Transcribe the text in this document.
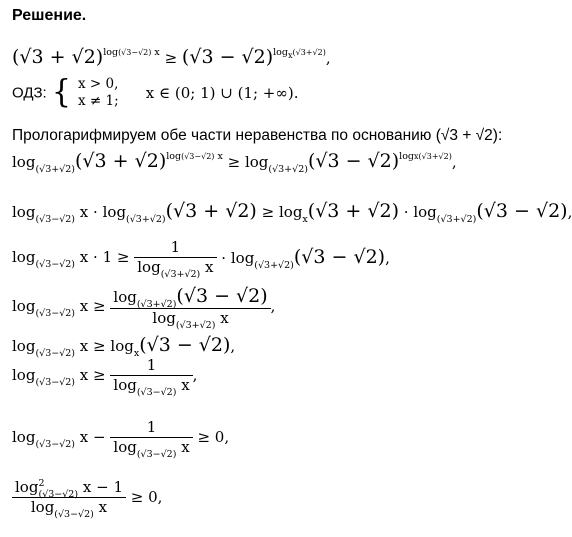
Решение.
$(√3 + √2)^{log(√3-√2) x} \ge (√3 - √2)^{log_x(√3+√2)}$,
ОДЗ: { x > 0,
x ≠ 1; x ∈ (0; 1) ∪ (1; +∞).
Прологарифмируем обе части неравенства по основанию (√3 + √2):
$\log_{(√3+√2)}(√3 + √2)^{log(√3-√2) x} \ge \log_{(√3+√2)}(√3 - √2)^{logx(√3+√2)}$,
$\log_{(√3-√2)} x \cdot \log_{(√3+√2)}(√3 + √2) \ge \log_x(√3 + √2) \cdot \log_{(√3+√2)}(√3 - √2)$,
$\log_{(√3-√2)} x \cdot 1 \ge \frac{1}{\log_{(√3+√2)} x} \cdot \log_{(√3+√2)}(√3 - √2)$,
$\log_{(√3-√2)} x \ge \frac{\log_{(√3+√2)}(√3 - √2)}{\log_{(√3+√2)} x}$ ,
$\log_{(√3-√2)} x \ge \log_x(√3 - √2)$,
$\log_{(√3-√2)} x \ge \frac{1}{\log_{(√3-√2)} x}$ ,
$\log_{(√3-√2)} x - \frac{1}{\log_{(√3-√2)} x} \ge 0$,
$\frac{\log^2_{(√3-√2)} x - 1}{\log_{(√3-√2)} x} \ge 0$,
